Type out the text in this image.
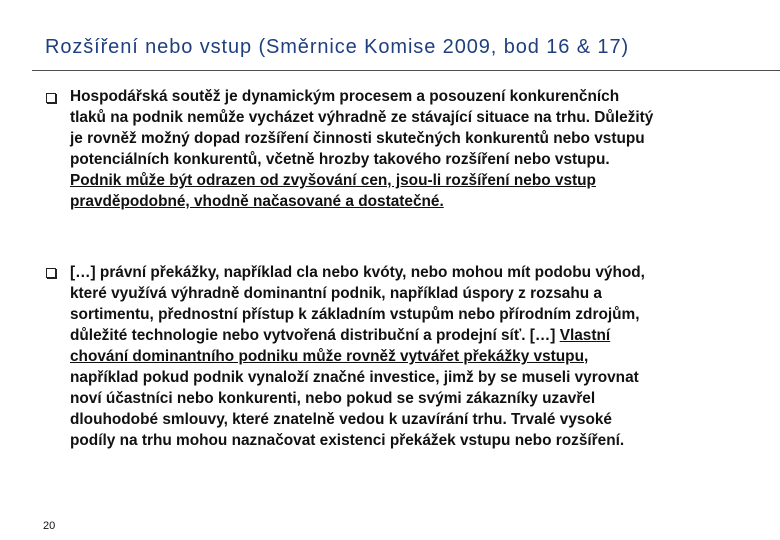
Rozšíření nebo vstup (Směrnice Komise 2009, bod 16 & 17)
Hospodářská soutěž je dynamickým procesem a posouzení konkurenčních
tlaků na podnik nemůže vycházet výhradně ze stávající situace na trhu. Důležitý
je rovněž možný dopad rozšíření činnosti skutečných konkurentů nebo vstupu
potenciálních konkurentů, včetně hrozby takového rozšíření nebo vstupu.
Podnik může být odrazen od zvyšování cen, jsou-li rozšíření nebo vstup
pravděpodobné, vhodně načasované a dostatečné.
[…] právní překážky, například cla nebo kvóty, nebo mohou mít podobu výhod,
které využívá výhradně dominantní podnik, například úspory z rozsahu a
sortimentu, přednostní přístup k základním vstupům nebo přírodním zdrojům,
důležité technologie nebo vytvořená distribuční a prodejní síť. […] Vlastní
chování dominantního podniku může rovněž vytvářet překážky vstupu,
například pokud podnik vynaloží značné investice, jimž by se museli vyrovnat
noví účastníci nebo konkurenti, nebo pokud se svými zákazníky uzavřel
dlouhodobé smlouvy, které znatelně vedou k uzavírání trhu. Trvalé vysoké
podíly na trhu mohou naznačovat existenci překážek vstupu nebo rozšíření.
20
